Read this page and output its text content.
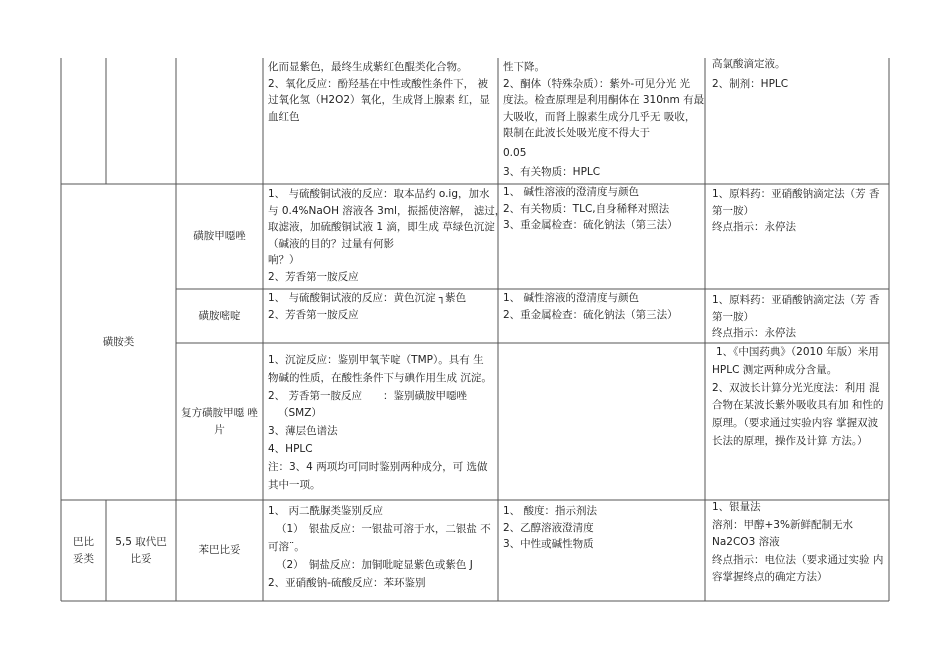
化而显紫色，最终生成紫红色醌类化合物。
2、氧化反应：酚羟基在中性或酸性条件下， 被
过氧化氢（H2O2）氧化，生成肾上腺素 红，显
血红色
性下降。
2、酮体（特殊杂质）：紫外-可见分光 光
度法。检查原理是利用酮体在 310nm 有最
大吸收，而肾上腺素生成分几乎无 吸收，
限制在此波长处吸光度不得大于
0.05
3、有关物质：HPLC
高氯酸滴定液。
2、制剂：HPLC
磺胺类
磺胺甲噁唑
1、 与硫酸铜试液的反应：取本品约 o.ig，加水
与 0.4%NaOH 溶液各 3ml，振摇使溶解， 滤过，
取滤液，加硫酸铜试液 1 滴，即生成 草绿色沉淀
（碱液的目的？过量有何影
响？）
2、芳香第一胺反应
1、 碱性溶液的澄清度与颜色
2、有关物质：TLC,自身稀释对照法
3、重金属检查：硫化钠法（第三法）
1、原料药：亚硝酸钠滴定法（芳 香
第一胺）
终点指示：永停法
磺胺嘧啶
1、 与硫酸铜试液的反应：黄色沉淀 ┐紫色
2、芳香第一胺反应
1、 碱性溶液的澄清度与颜色
2、重金属检查：硫化钠法（第三法）
1、原料药：亚硝酸钠滴定法（芳 香
第一胺）
终点指示：永停法
复方磺胺甲噁 唑
片
1、沉淀反应：鉴别甲氧苄啶（TMP）。具有 生
物碱的性质，在酸性条件下与碘作用生成 沉淀。
2、 芳香第一胺反应　　：鉴别磺胺甲噁唑
（SMZ）
3、薄层色谱法
4、HPLC
注：3、4 两项均可同时鉴别两种成分，可 选做
其中一项。
1、《中国药典》（2010 年版）米用
HPLC 测定两种成分含量。
2、双波长计算分光光度法：利用 混
合物在某波长紫外吸收具有加 和性的
原理。（要求通过实验内容 掌握双波
长法的原理，操作及计算 方法。）
巴比
妥类
5,5 取代巴
比妥
苯巴比妥
1、 丙二酰脲类鉴别反应
（1）　银盐反应：一银盐可溶于水，二银盐 不
可溶¨。
（2）　铜盐反应：加铜吡啶显紫色或紫色 J
2、亚硝酸钠-硫酸反应：苯环鉴别
1、 酸度：指示剂法
2、乙醇溶液澄清度
3、中性或碱性物质
1、银量法
溶剂：甲醇+3%新鲜配制无水
Na2CO3 溶液
终点指示：电位法（要求通过实验 内
容掌握终点的确定方法）
